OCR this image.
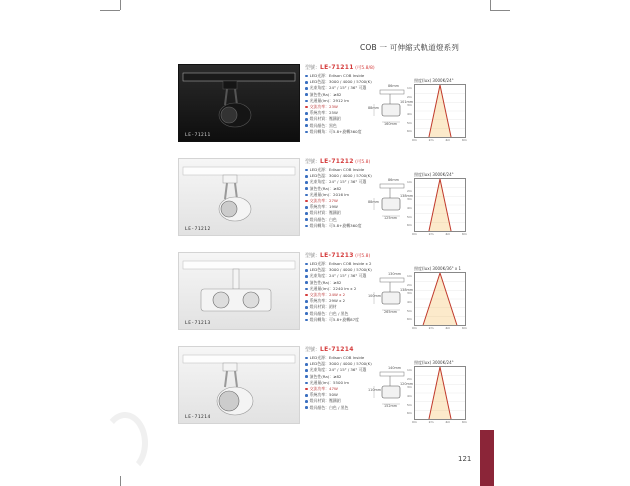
COB 一 可伸縮式軌道燈系列
LE-71211
型號：LE-71211 (可5.8/8)
LED光源：Edison COB Inside
LED色溫：3000 / 4000 / 5700(K)
光束角度：24° / 15° / 36° 可選
演色性(Ra)：≥82
光通量(lm)：2912 lm
交流功率：23W
系統功率：25W
燈具材質：壓鑄鋁
燈具顏色：黑色
燈具轉角：可5.8+旋轉360度
88mm
160mm
101mm
86mm
照度(lux) 3000K/24°
1m
2m
3m
4m
5m
6m
0m	2m	4m	6m
LE-71212
型號：LE-71212 (可5.8)
LED光源：Edison COB Inside
LED色溫：3000 / 4000 / 5700(K)
光束角度：24° / 15° / 36° 可選
演色性(Ra)：≥82
光通量(lm)：2016 lm
交流功率：27W
系統功率：19W
燈具材質：壓鑄鋁
燈具顏色：白色
燈具轉角：可5.8+旋轉360度
88mm
125mm
138mm
86mm
照度(lux) 3000K/24°
1m
2m
3m
4m
5m
6m
0m	2m	4m	6m
LE-71213
型號：LE-71213 (可5.8)
LED光源：Edison COB Inside x 2
LED色溫：3000 / 4000 / 5700(K)
光束角度：24° / 15° / 36° 可選
演色性(Ra)：≥82
光通量(lm)：2240 lm x 2
交流功率：24W x 2
系統功率：29W x 2
燈具材質：鋁材
燈具顏色：白色 / 黑色
燈具轉角：可5.8+旋轉87度
100mm
265mm
138mm
130mm
照度(lux) 3000K/36° x 1
1m
2m
3m
4m
5m
6m
0m	2m	4m	6m
LE-71214
型號：LE-71214
LED光源：Edison COB Inside
LED色溫：3000 / 4000 / 5700(K)
光束角度：24° / 15° / 36° 可選
演色性(Ra)：≥82
光通量(lm)：5500 lm
交流功率：47W
系統功率：50W
燈具材質：壓鑄鋁
燈具顏色：白色 / 黑色
110mm
152mm
120mm
140mm
照度(lux) 3000K/24°
1m
2m
3m
4m
5m
6m
0m	2m	4m	6m
121
